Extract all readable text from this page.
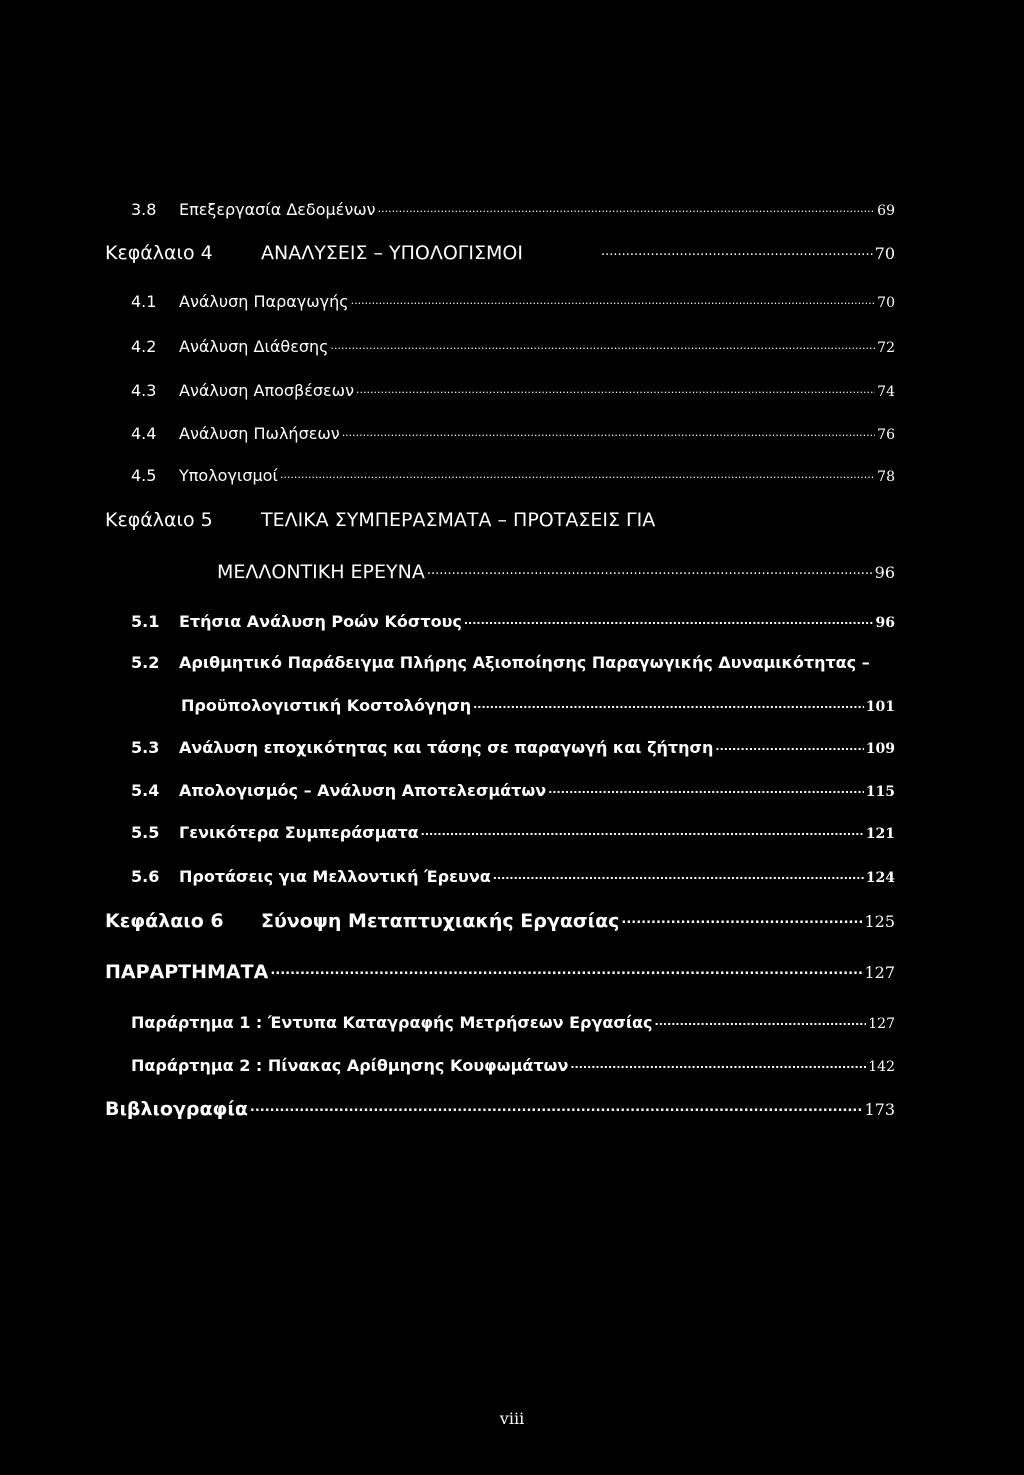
3.8	Επεξεργασία Δεδομένων .....	69
Κεφάλαιο 4	ΑΝΑΛΥΣΕΙΣ – ΥΠΟΛΟΓΙΣΜΟΙ .....	70
4.1	Ανάλυση Παραγωγής .....	70
4.2	Ανάλυση Διάθεσης .....	72
4.3	Ανάλυση Αποσβέσεων .....	74
4.4	Ανάλυση Πωλήσεων .....	76
4.5	Υπολογισμοί .....	78
Κεφάλαιο 5	ΤΕΛΙΚΑ ΣΥΜΠΕΡΑΣΜΑΤΑ – ΠΡΟΤΑΣΕΙΣ ΓΙΑ
ΜΕΛΛΟΝΤΙΚΗ ΕΡΕΥΝΑ .....	96
5.1	Ετήσια Ανάλυση Ροών Κόστους .....	96
5.2	Αριθμητικό Παράδειγμα Πλήρης Αξιοποίησης Παραγωγικής Δυναμικότητας –
Προϋπολογιστική Κοστολόγηση .....	101
5.3	Ανάλυση εποχικότητας και τάσης σε παραγωγή και ζήτηση .....	109
5.4	Απολογισμός – Ανάλυση Αποτελεσμάτων .....	115
5.5	Γενικότερα Συμπεράσματα .....	121
5.6	Προτάσεις για Μελλοντική Έρευνα .....	124
Κεφάλαιο 6	Σύνοψη Μεταπτυχιακής Εργασίας .....	125
ΠΑΡΑΡΤΗΜΑΤΑ .....	127
Παράρτημα 1 : Έντυπα Καταγραφής Μετρήσεων Εργασίας .....	127
Παράρτημα 2 : Πίνακας Αρίθμησης Κουφωμάτων .....	142
Βιβλιογραφία .....	173
viii
